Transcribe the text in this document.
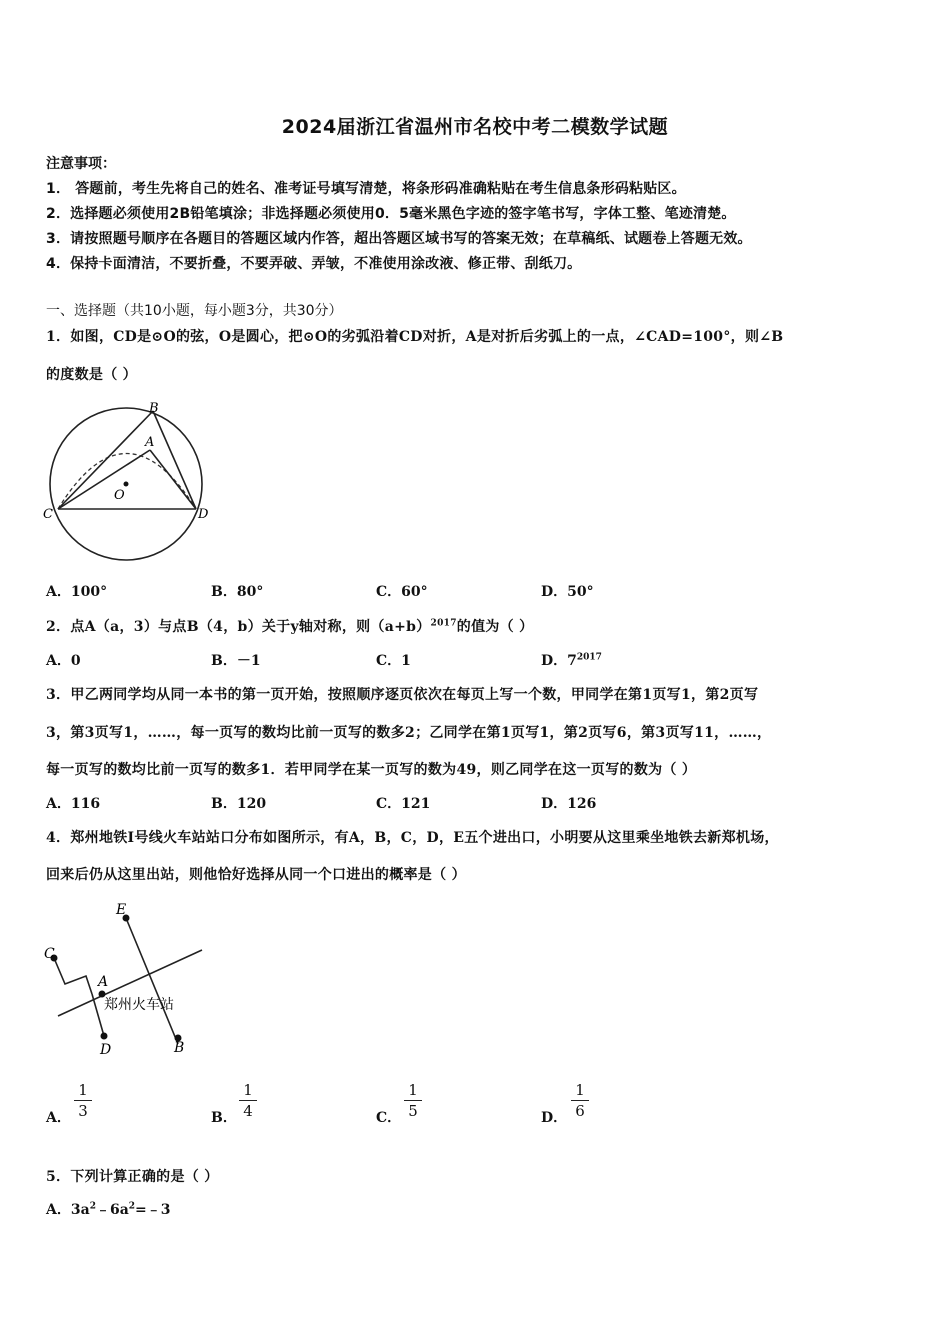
2024届浙江省温州市名校中考二模数学试题
注意事项：
1． 答题前，考生先将自己的姓名、准考证号填写清楚，将条形码准确粘贴在考生信息条形码粘贴区。
2．选择题必须使用2B铅笔填涂；非选择题必须使用0．5毫米黑色字迹的签字笔书写，字体工整、笔迹清楚。
3．请按照题号顺序在各题目的答题区域内作答，超出答题区域书写的答案无效；在草稿纸、试题卷上答题无效。
4．保持卡面清洁，不要折叠，不要弄破、弄皱，不准使用涂改液、修正带、刮纸刀。
一、选择题（共10小题，每小题3分，共30分）
1．如图，CD是⊙O的弦，O是圆心，把⊙O的劣弧沿着CD对折，A是对折后劣弧上的一点，∠CAD=100°，则∠B
的度数是（ ）
B
A
O
C	D
A．100°	B．80°	C．60°	D．50°
2．点A（a，3）与点B（4，b）关于y轴对称，则$(a+b)^{2017}$的值为（ ）
A．0	B．－1	C．1	D．$7^{2017}$
3．甲乙两同学均从同一本书的第一页开始，按照顺序逐页依次在每页上写一个数，甲同学在第1页写1，第2页写
3，第3页写1，……，每一页写的数均比前一页写的数多2；乙同学在第1页写1，第2页写6，第3页写11，……，
每一页写的数均比前一页写的数多1．若甲同学在某一页写的数为49，则乙同学在这一页写的数为（ ）
A．116	B．120	C．121	D．126
4．郑州地铁Ⅰ号线火车站站口分布如图所示，有A，B，C，D，E五个进出口，小明要从这里乘坐地铁去新郑机场，
回来后仍从这里出站，则他恰好选择从同一个口进出的概率是（ ）
E
C
A
D	B
郑州火车站
A．
1
3	B．
1
4	C．
1
5	D．
1
6
5．下列计算正确的是（ ）
A．$3a^2﹣6a^2=﹣3$
